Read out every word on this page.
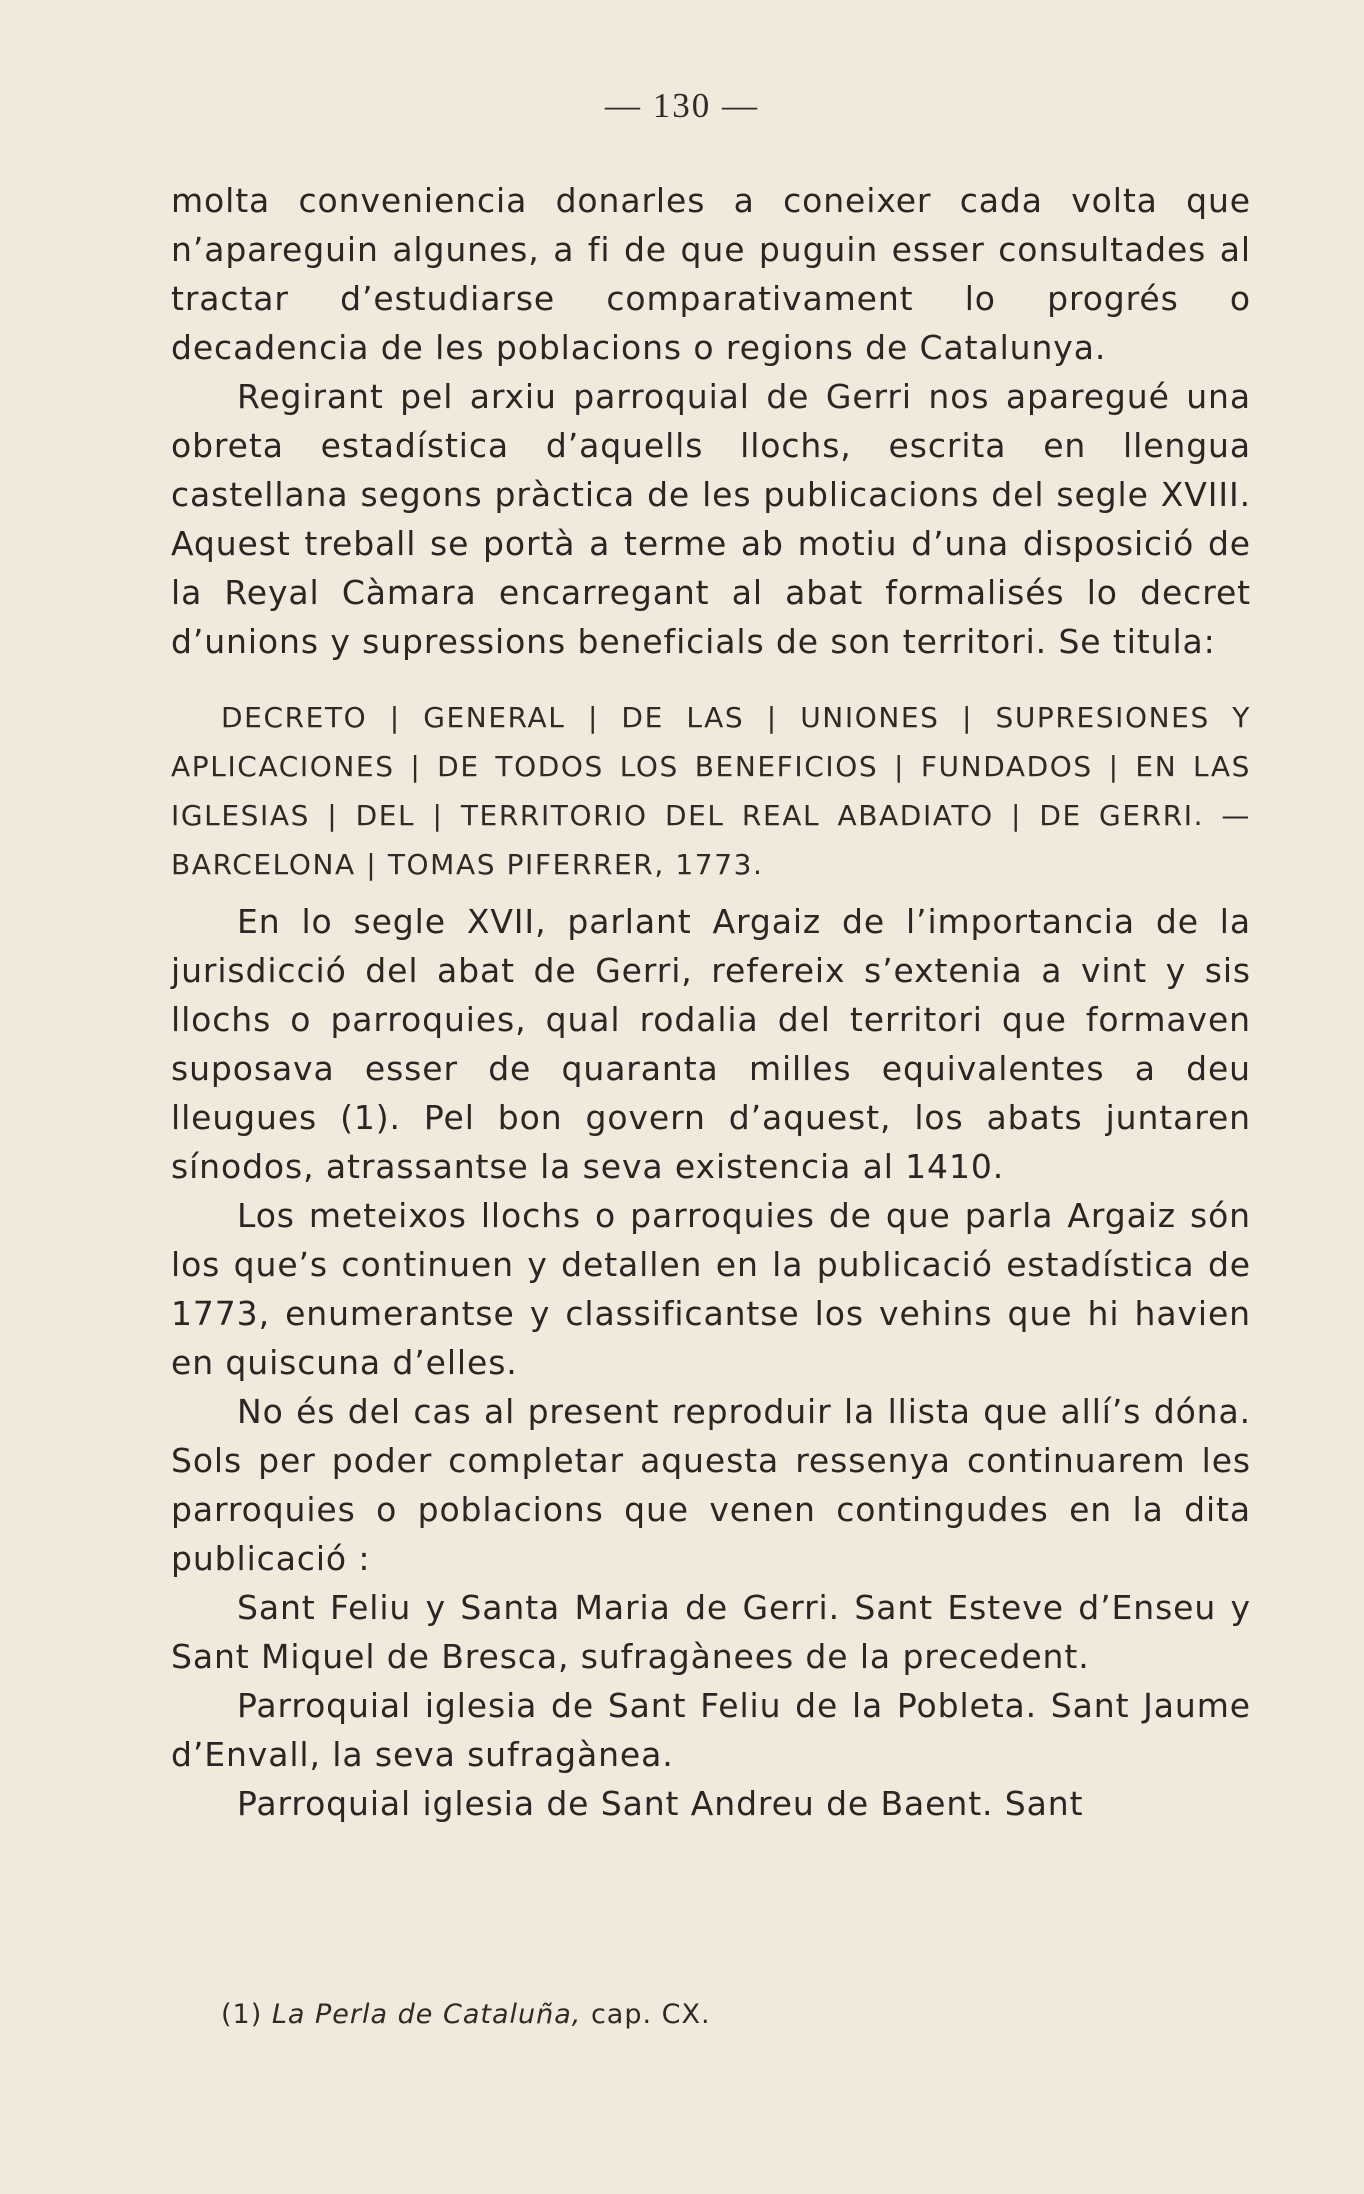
— 130 —

molta conveniencia donarles a coneixer cada volta que n’apareguin algunes, a fi de que puguin esser consultades al tractar d’estudiarse comparativament lo progrés o decadencia de les poblacions o regions de Catalunya.

Regirant pel arxiu parroquial de Gerri nos aparegué una obreta estadística d’aquells llochs, escrita en llengua castellana segons pràctica de les publicacions del segle XVIII. Aquest treball se portà a terme ab motiu d’una disposició de la Reyal Càmara encarregant al abat formalisés lo decret d’unions y supressions beneficials de son territori. Se titula:

DECRETO | GENERAL | DE LAS | UNIONES | SUPRESIONES Y APLICACIONES | DE TODOS LOS BENEFICIOS | FUNDADOS | EN LAS IGLESIAS | DEL | TERRITORIO DEL REAL ABADIATO | DE GERRI. — BARCELONA | TOMAS PIFERRER, 1773.

En lo segle XVII, parlant Argaiz de l’importancia de la jurisdicció del abat de Gerri, refereix s’extenia a vint y sis llochs o parroquies, qual rodalia del territori que formaven suposava esser de quaranta milles equivalentes a deu lleugues (1). Pel bon govern d’aquest, los abats juntaren sínodos, atrassantse la seva existencia al 1410.

Los meteixos llochs o parroquies de que parla Argaiz són los que’s continuen y detallen en la publicació estadística de 1773, enumerantse y classificantse los vehins que hi havien en quiscuna d’elles.

No és del cas al present reproduir la llista que allí’s dóna. Sols per poder completar aquesta ressenya continuarem les parroquies o poblacions que venen contingudes en la dita publicació :

Sant Feliu y Santa Maria de Gerri. Sant Esteve d’Enseu y Sant Miquel de Bresca, sufragànees de la precedent.

Parroquial iglesia de Sant Feliu de la Pobleta. Sant Jaume d’Envall, la seva sufragànea.

Parroquial iglesia de Sant Andreu de Baent. Sant

(1) La Perla de Cataluña, cap. CX.
